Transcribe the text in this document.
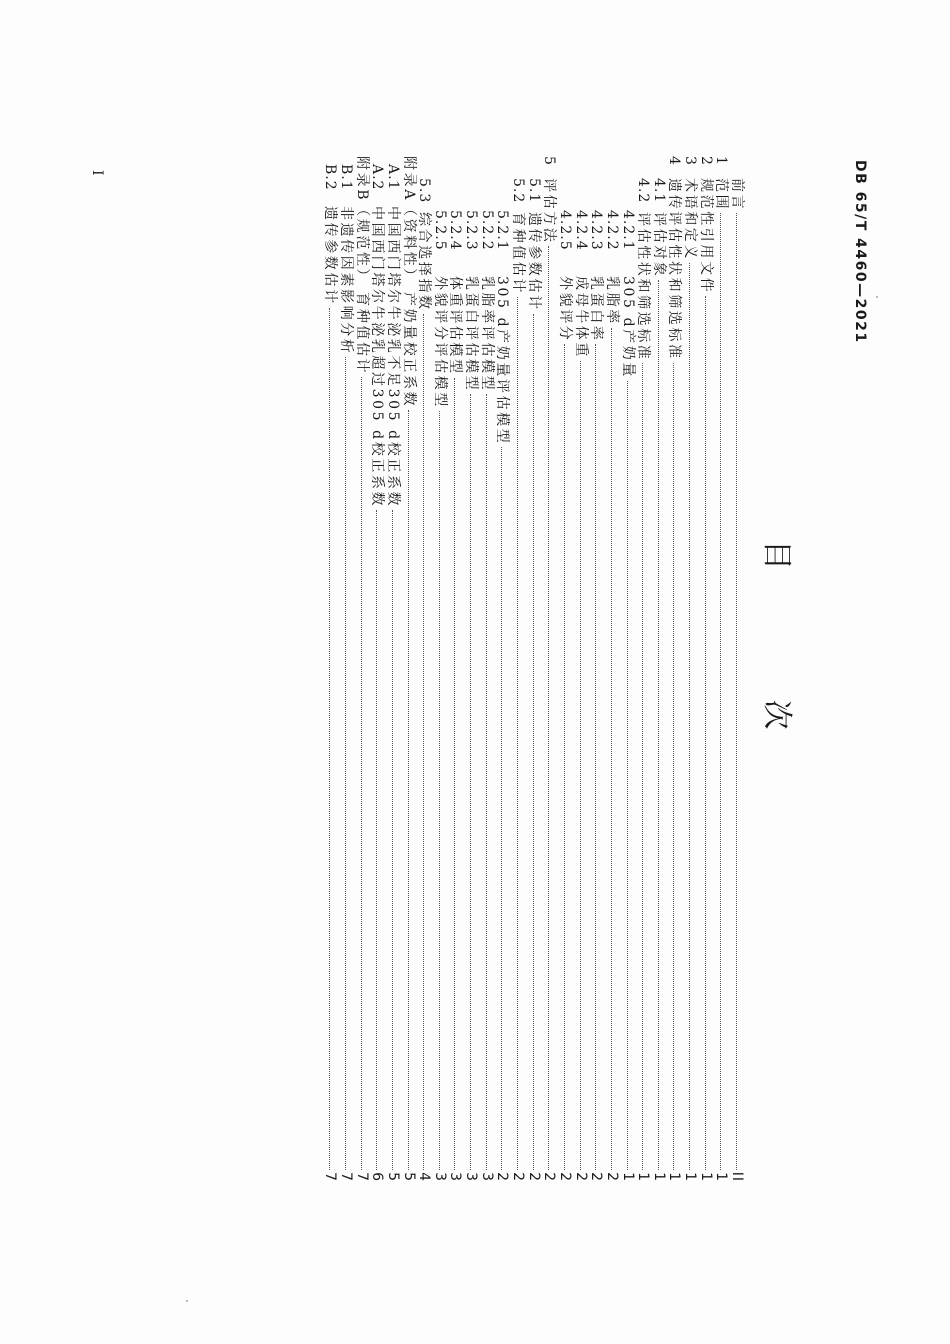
DB 65/T 4460—2021
目 次
前言
II
1
范围
1
2
规范性引用文件
1
3
术语和定义
1
4
遗传评估性状和筛选标准
1
4.1
评估对象
1
4.2
评估性状和筛选标准
1
4.2.1
305 d产奶量
1
4.2.2
乳脂率
2
4.2.3
乳蛋白率
2
4.2.4
成母牛体重
2
4.2.5
外貌评分
2
5
评估方法
2
5.1
遗传参数估计
2
5.2
育种值估计
2
5.2.1
305 d产奶量评估模型
2
5.2.2
乳脂率评估模型
3
5.2.3
乳蛋白评估模型
3
5.2.4
体重评估模型
3
5.2.5
外貌评分评估模型
3
5.3
综合选择指数
4
附录A（资料性） 产奶量校正系数
5
A.1
中国西门塔尔牛泌乳不足305 d校正系数
5
A.2
中国西门塔尔牛泌乳超过305 d校正系数
6
附录B（规范性） 育种值估计
7
B.1
非遗传因素影响分析
7
B.2
遗传参数估计
7
I
